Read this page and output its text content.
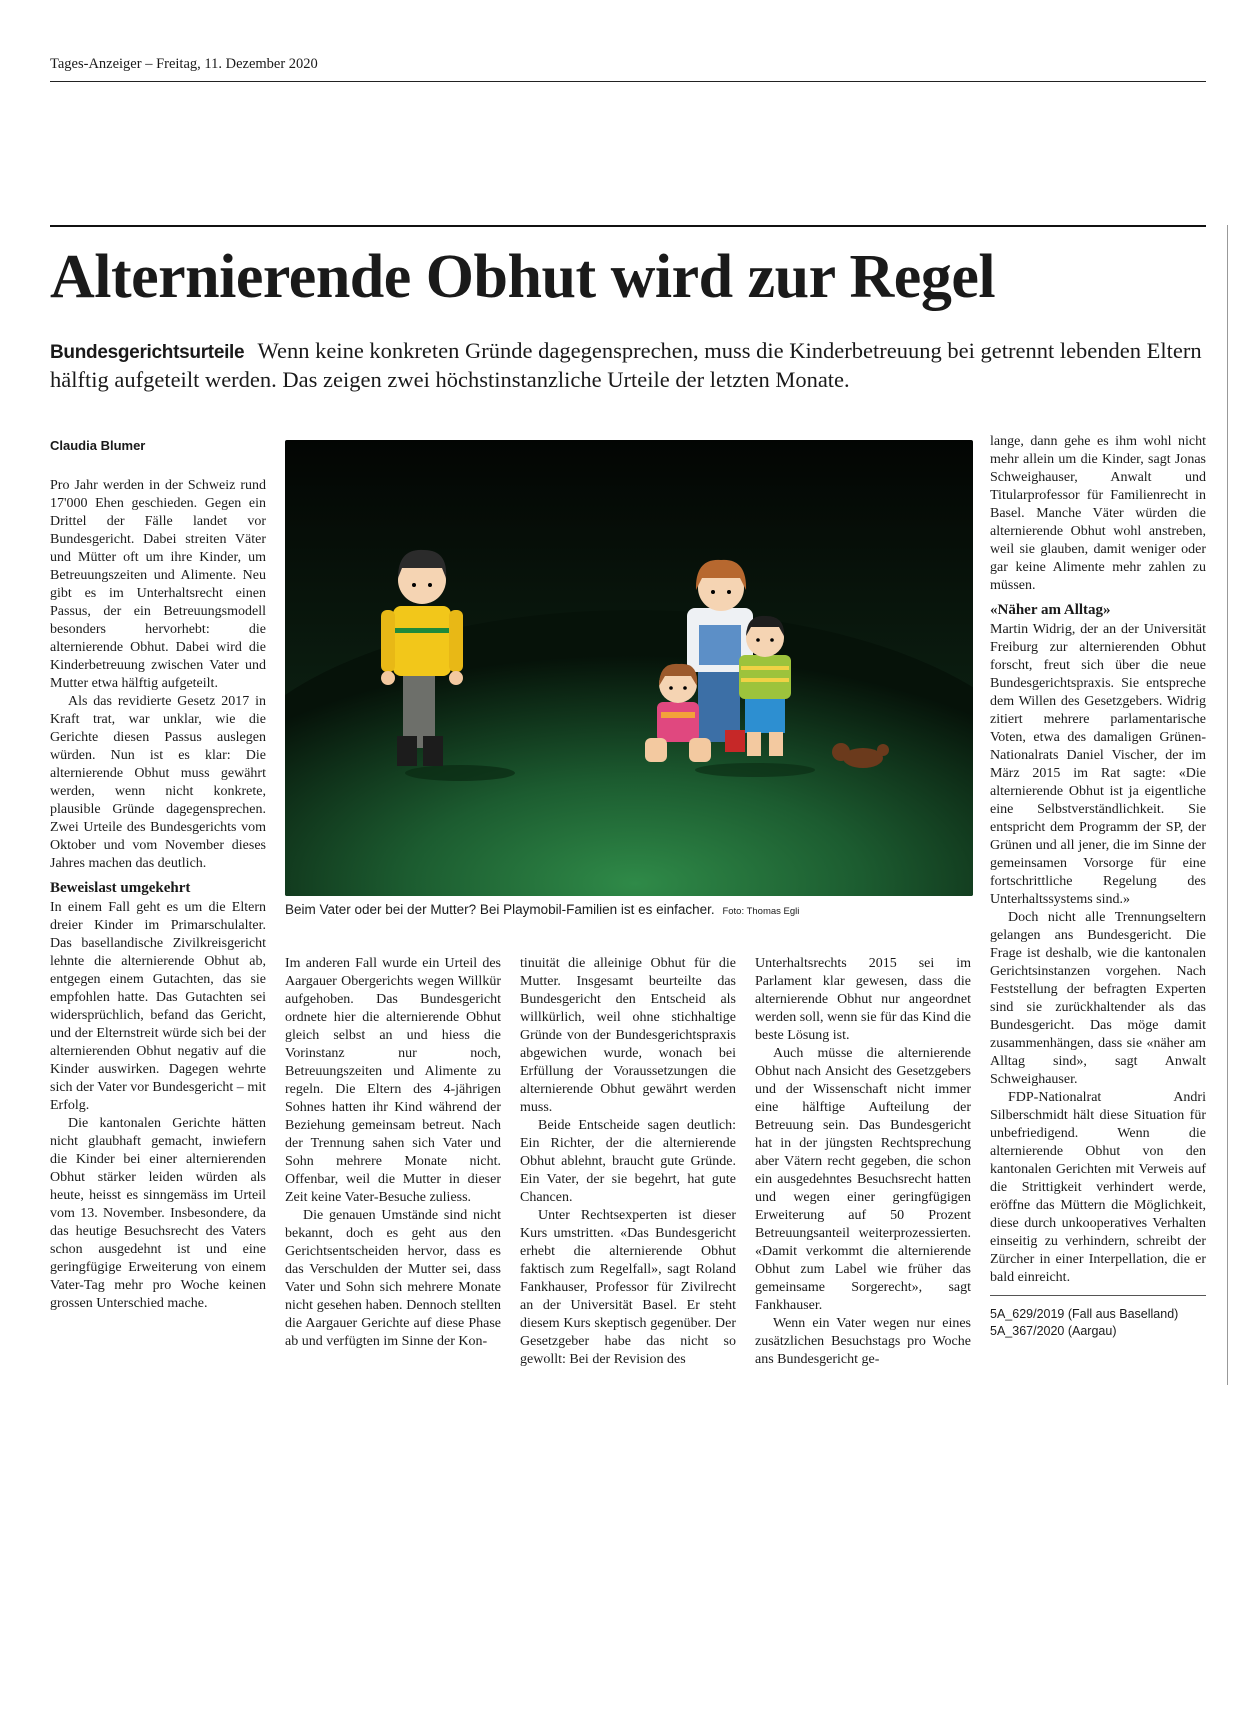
Tages-Anzeiger – Freitag, 11. Dezember 2020
Alternierende Obhut wird zur Regel
Bundesgerichtsurteile Wenn keine konkreten Gründe dagegensprechen, muss die Kinderbetreuung bei getrennt lebenden Eltern hälftig aufgeteilt werden. Das zeigen zwei höchstinstanzliche Urteile der letzten Monate.
Claudia Blumer

Pro Jahr werden in der Schweiz rund 17'000 Ehen geschieden. Gegen ein Drittel der Fälle landet vor Bundesgericht. Dabei streiten Väter und Mütter oft um ihre Kinder, um Betreuungszeiten und Alimente. Neu gibt es im Unterhaltsrecht einen Passus, der ein Betreuungsmodell besonders hervorhebt: die alternierende Obhut. Dabei wird die Kinderbetreuung zwischen Vater und Mutter etwa hälftig aufgeteilt.

Als das revidierte Gesetz 2017 in Kraft trat, war unklar, wie die Gerichte diesen Passus auslegen würden. Nun ist es klar: Die alternierende Obhut muss gewährt werden, wenn nicht konkrete, plausible Gründe dagegensprechen. Zwei Urteile des Bundesgerichts vom Oktober und vom November dieses Jahres machen das deutlich.

Beweislast umgekehrt

In einem Fall geht es um die Eltern dreier Kinder im Primarschulalter. Das basellandische Zivilkreisgericht lehnte die alternierende Obhut ab, entgegen einem Gutachten, das sie empfohlen hatte. Das Gutachten sei widersprüchlich, befand das Gericht, und der Elternstreit würde sich bei der alternierenden Obhut negativ auf die Kinder auswirken. Dagegen wehrte sich der Vater vor Bundesgericht – mit Erfolg.

Die kantonalen Gerichte hätten nicht glaubhaft gemacht, inwiefern die Kinder bei einer alternierenden Obhut stärker leiden würden als heute, heisst es sinngemäss im Urteil vom 13. November. Insbesondere, da das heutige Besuchsrecht des Vaters schon ausgedehnt ist und eine geringfügige Erweiterung von einem Vater-Tag mehr pro Woche keinen grossen Unterschied mache.

Beim Vater oder bei der Mutter? Bei Playmobil-Familien ist es einfacher. Foto: Thomas Egli

Im anderen Fall wurde ein Urteil des Aargauer Obergerichts wegen Willkür aufgehoben. Das Bundesgericht ordnete hier die alternierende Obhut gleich selbst an und hiess die Vorinstanz nur noch, Betreuungszeiten und Alimente zu regeln. Die Eltern des 4-jährigen Sohnes hatten ihr Kind während der Beziehung gemeinsam betreut. Nach der Trennung sahen sich Vater und Sohn mehrere Monate nicht. Offenbar, weil die Mutter in dieser Zeit keine Vater-Besuche zuliess.

Die genauen Umstände sind nicht bekannt, doch es geht aus den Gerichtsentscheiden hervor, dass es das Verschulden der Mutter sei, dass Vater und Sohn sich mehrere Monate nicht gesehen haben. Dennoch stellten die Aargauer Gerichte auf diese Phase ab und verfügten im Sinne der Kon-

tinuität die alleinige Obhut für die Mutter. Insgesamt beurteilte das Bundesgericht den Entscheid als willkürlich, weil ohne stichhaltige Gründe von der Bundesgerichtspraxis abgewichen wurde, wonach bei Erfüllung der Voraussetzungen die alternierende Obhut gewährt werden muss.

Beide Entscheide sagen deutlich: Ein Richter, der die alternierende Obhut ablehnt, braucht gute Gründe. Ein Vater, der sie begehrt, hat gute Chancen.

Unter Rechtsexperten ist dieser Kurs umstritten. «Das Bundesgericht erhebt die alternierende Obhut faktisch zum Regelfall», sagt Roland Fankhauser, Professor für Zivilrecht an der Universität Basel. Er steht diesem Kurs skeptisch gegenüber. Der Gesetzgeber habe das nicht so gewollt: Bei der Revision des

Unterhaltsrechts 2015 sei im Parlament klar gewesen, dass die alternierende Obhut nur angeordnet werden soll, wenn sie für das Kind die beste Lösung ist.

Auch müsse die alternierende Obhut nach Ansicht des Gesetzgebers und der Wissenschaft nicht immer eine hälftige Aufteilung der Betreuung sein. Das Bundesgericht hat in der jüngsten Rechtsprechung aber Vätern recht gegeben, die schon ein ausgedehntes Besuchsrecht hatten und wegen einer geringfügigen Erweiterung auf 50 Prozent Betreuungsanteil weiterprozessierten. «Damit verkommt die alternierende Obhut zum Label wie früher das gemeinsame Sorgerecht», sagt Fankhauser.

Wenn ein Vater wegen nur eines zusätzlichen Besuchstags pro Woche ans Bundesgericht ge-

lange, dann gehe es ihm wohl nicht mehr allein um die Kinder, sagt Jonas Schweighauser, Anwalt und Titularprofessor für Familienrecht in Basel. Manche Väter würden die alternierende Obhut wohl anstreben, weil sie glauben, damit weniger oder gar keine Alimente mehr zahlen zu müssen.

«Näher am Alltag»

Martin Widrig, der an der Universität Freiburg zur alternierenden Obhut forscht, freut sich über die neue Bundesgerichtspraxis. Sie entspreche dem Willen des Gesetzgebers. Widrig zitiert mehrere parlamentarische Voten, etwa des damaligen Grünen-Nationalrats Daniel Vischer, der im März 2015 im Rat sagte: «Die alternierende Obhut ist ja eigentliche eine Selbstverständlichkeit. Sie entspricht dem Programm der SP, der Grünen und all jener, die im Sinne der gemeinsamen Vorsorge für eine fortschrittliche Regelung des Unterhaltssystems sind.»

Doch nicht alle Trennungseltern gelangen ans Bundesgericht. Die Frage ist deshalb, wie die kantonalen Gerichtsinstanzen vorgehen. Nach Feststellung der befragten Experten sind sie zurückhaltender als das Bundesgericht. Das möge damit zusammenhängen, dass sie «näher am Alltag sind», sagt Anwalt Schweighauser.

FDP-Nationalrat Andri Silberschmidt hält diese Situation für unbefriedigend. Wenn die alternierende Obhut von den kantonalen Gerichten mit Verweis auf die Strittigkeit verhindert werde, eröffne das Müttern die Möglichkeit, diese durch unkooperatives Verhalten einseitig zu verhindern, schreibt der Zürcher in einer Interpellation, die er bald einreicht.

5A_629/2019 (Fall aus Baselland)
5A_367/2020 (Aargau)
